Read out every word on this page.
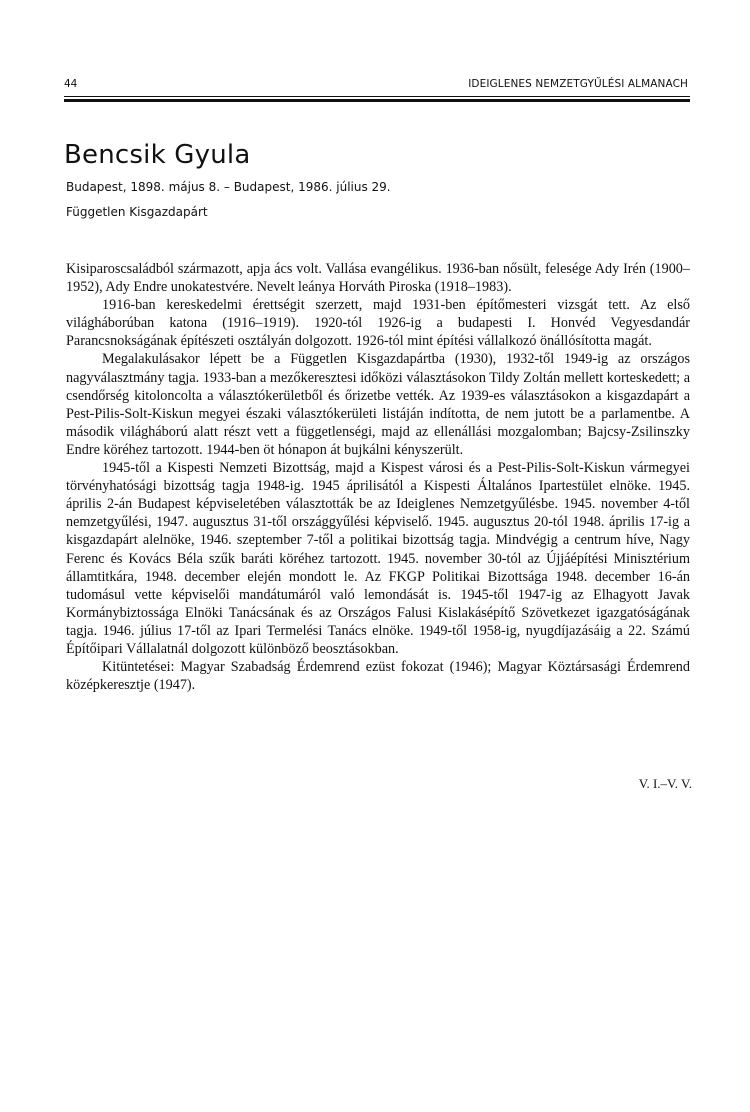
44	IDEIGLENES NEMZETGYŰLÉSI ALMANACH
Bencsik Gyula
Budapest, 1898. május 8. – Budapest, 1986. július 29.
Független Kisgazdapárt

Kisiparoscsaládból származott, apja ács volt. Vallása evangélikus. 1936-ban nősült, felesége Ady Irén (1900–1952), Ady Endre unokatestvére. Nevelt leánya Horváth Piroska (1918–1983).

1916-ban kereskedelmi érettségit szerzett, majd 1931-ben építőmesteri vizsgát tett. Az első világháborúban katona (1916–1919). 1920-tól 1926-ig a budapesti I. Honvéd Vegyesdandár Parancsnokságának építészeti osztályán dolgozott. 1926-tól mint építési vállalkozó önállósította magát.

Megalakulásakor lépett be a Független Kisgazdapártba (1930), 1932-től 1949-ig az országos nagyválasztmány tagja. 1933-ban a mezőkeresztesi időközi választásokon Tildy Zoltán mellett korteskedett; a csendőrség kitoloncolta a választókerületből és őrizetbe vették. Az 1939-es választásokon a kisgazdapárt a Pest-Pilis-Solt-Kiskun megyei északi választókerületi listáján indította, de nem jutott be a parlamentbe. A második világháború alatt részt vett a függetlenségi, majd az ellenállási mozgalomban; Bajcsy-Zsilinszky Endre köréhez tartozott. 1944-ben öt hónapon át bujkálni kényszerült.

1945-től a Kispesti Nemzeti Bizottság, majd a Kispest városi és a Pest-Pilis-Solt-Kiskun vármegyei törvényhatósági bizottság tagja 1948-ig. 1945 áprilisától a Kispesti Általános Ipartestület elnöke. 1945. április 2-án Budapest képviseletében választották be az Ideiglenes Nemzetgyűlésbe. 1945. november 4-től nemzetgyűlési, 1947. augusztus 31-től országgyűlési képviselő. 1945. augusztus 20-tól 1948. április 17-ig a kisgazdapárt alelnöke, 1946. szeptember 7-től a politikai bizottság tagja. Mindvégig a centrum híve, Nagy Ferenc és Kovács Béla szűk baráti köréhez tartozott. 1945. november 30-tól az Újjáépítési Minisztérium államtitkára, 1948. december elején mondott le. Az FKGP Politikai Bizottsága 1948. december 16-án tudomásul vette képviselői mandátumáról való lemondását is. 1945-től 1947-ig az Elhagyott Javak Kormánybiztossága Elnöki Tanácsának és az Országos Falusi Kislakásépítő Szövetkezet igazgatóságának tagja. 1946. július 17-től az Ipari Termelési Tanács elnöke. 1949-től 1958-ig, nyugdíjazásáig a 22. Számú Építőipari Vállalatnál dolgozott különböző beosztásokban.

Kitüntetései: Magyar Szabadság Érdemrend ezüst fokozat (1946); Magyar Köztársasági Érdemrend középkeresztje (1947).

V. I.–V. V.
